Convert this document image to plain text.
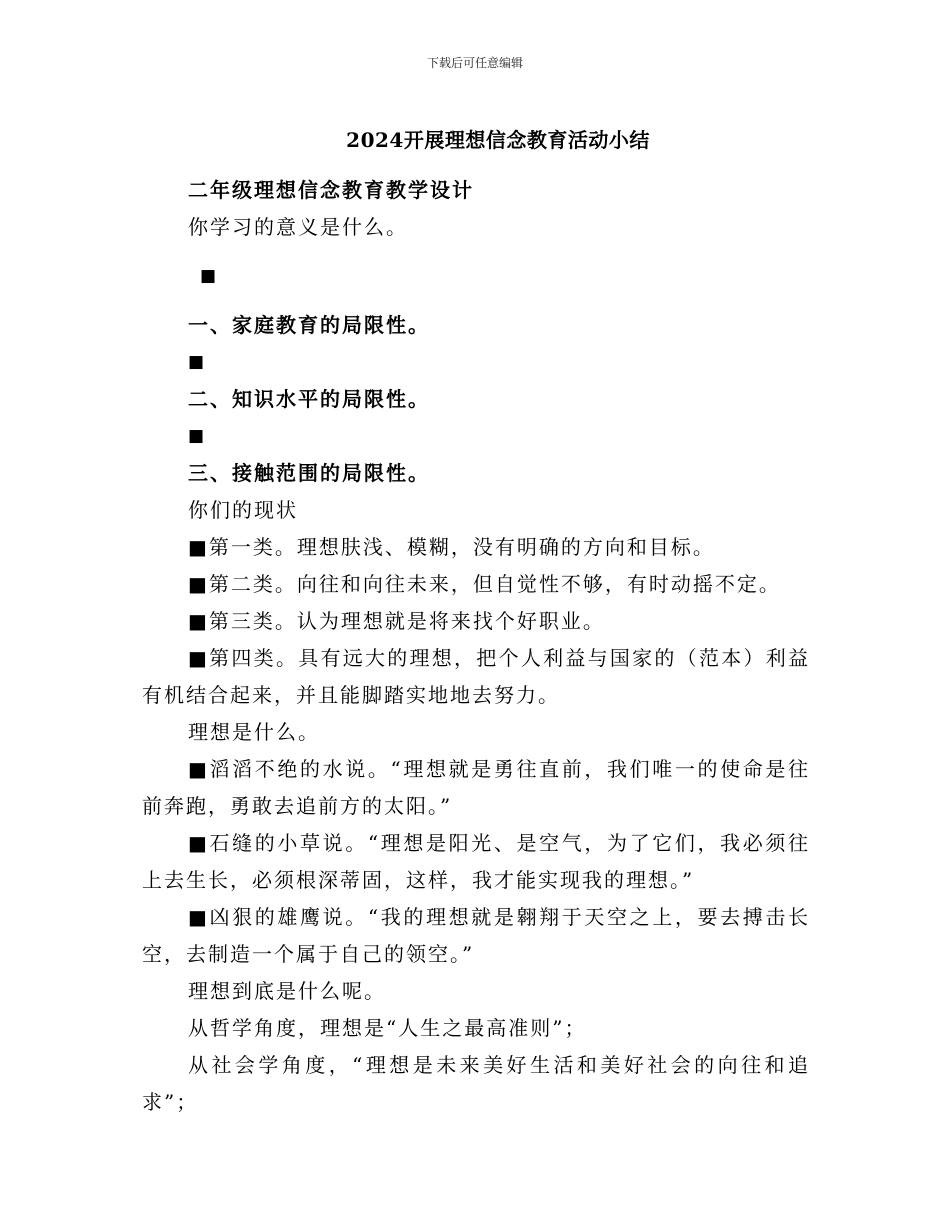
下载后可任意编辑
2024开展理想信念教育活动小结
二年级理想信念教育教学设计
你学习的意义是什么。
■
一、家庭教育的局限性。
■
二、知识水平的局限性。
■
三、接触范围的局限性。
你们的现状
■第一类。理想肤浅、模糊，没有明确的方向和目标。
■第二类。向往和向往未来，但自觉性不够，有时动摇不定。
■第三类。认为理想就是将来找个好职业。
■第四类。具有远大的理想，把个人利益与国家的（范本）利益有机结合起来，并且能脚踏实地地去努力。
理想是什么。
■滔滔不绝的水说。“理想就是勇往直前，我们唯一的使命是往前奔跑，勇敢去追前方的太阳。”
■石缝的小草说。“理想是阳光、是空气，为了它们，我必须往上去生长，必须根深蒂固，这样，我才能实现我的理想。”
■凶狠的雄鹰说。“我的理想就是翱翔于天空之上，要去搏击长空，去制造一个属于自己的领空。”
理想到底是什么呢。
从哲学角度，理想是“人生之最高准则”；
从社会学角度，“理想是未来美好生活和美好社会的向往和追求”；
